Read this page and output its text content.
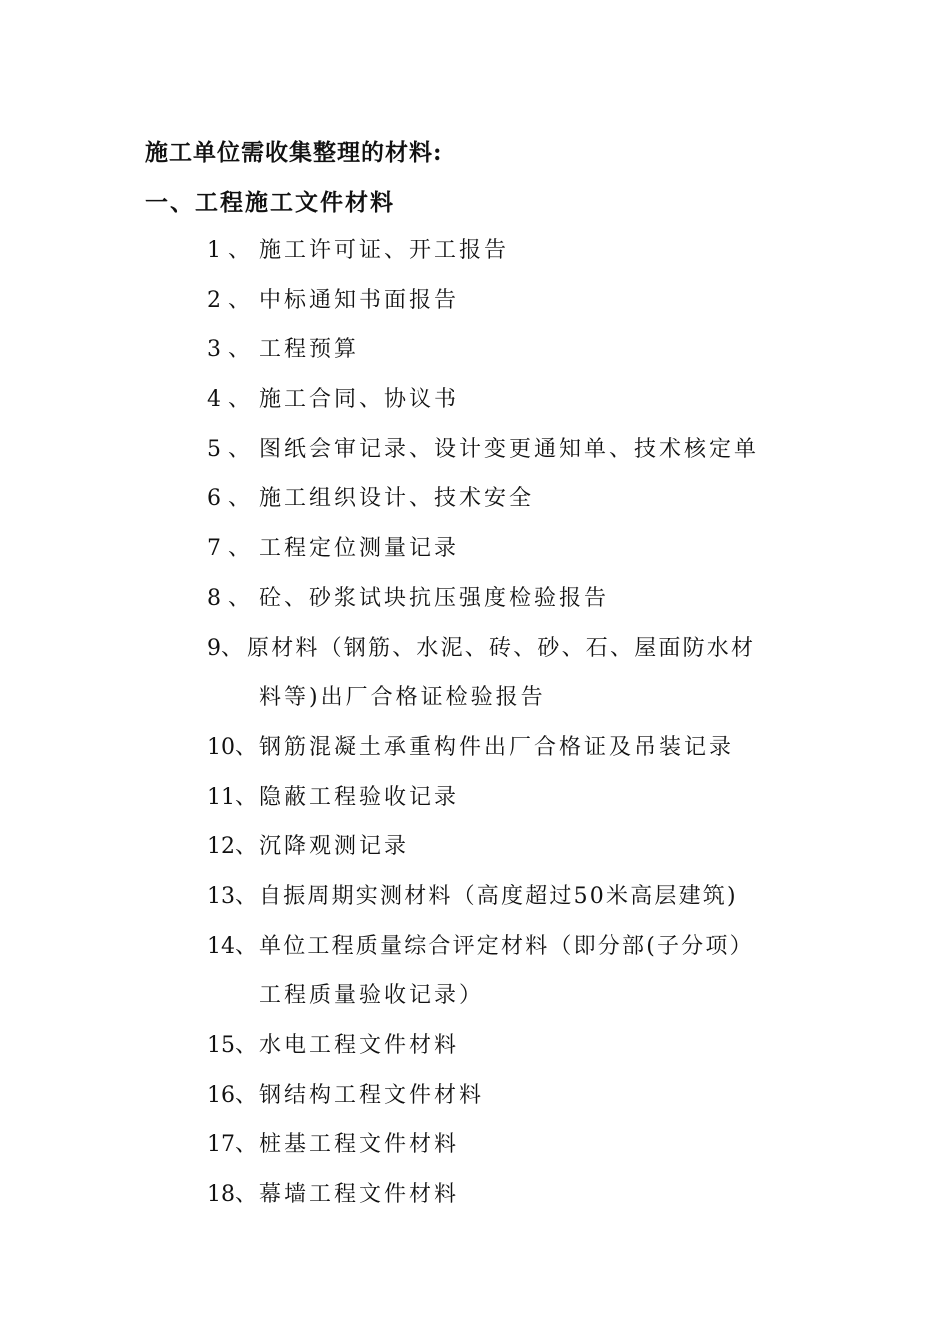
施工单位需收集整理的材料:
一、工程施工文件材料
1 、 施工许可证、开工报告
2 、 中标通知书面报告
3 、 工程预算
4 、 施工合同、协议书
5 、 图纸会审记录、设计变更通知单、技术核定单
6 、 施工组织设计、技术安全
7 、 工程定位测量记录
8 、 砼、砂浆试块抗压强度检验报告
9、 原材料（钢筋、水泥、砖、砂、石、屋面防水材
料等)出厂合格证检验报告
10、 钢筋混凝土承重构件出厂合格证及吊装记录
11、 隐蔽工程验收记录
12、 沉降观测记录
13、 自振周期实测材料（高度超过50米高层建筑)
14、 单位工程质量综合评定材料（即分部(子分项）
工程质量验收记录）
15、 水电工程文件材料
16、 钢结构工程文件材料
17、 桩基工程文件材料
18、 幕墙工程文件材料
